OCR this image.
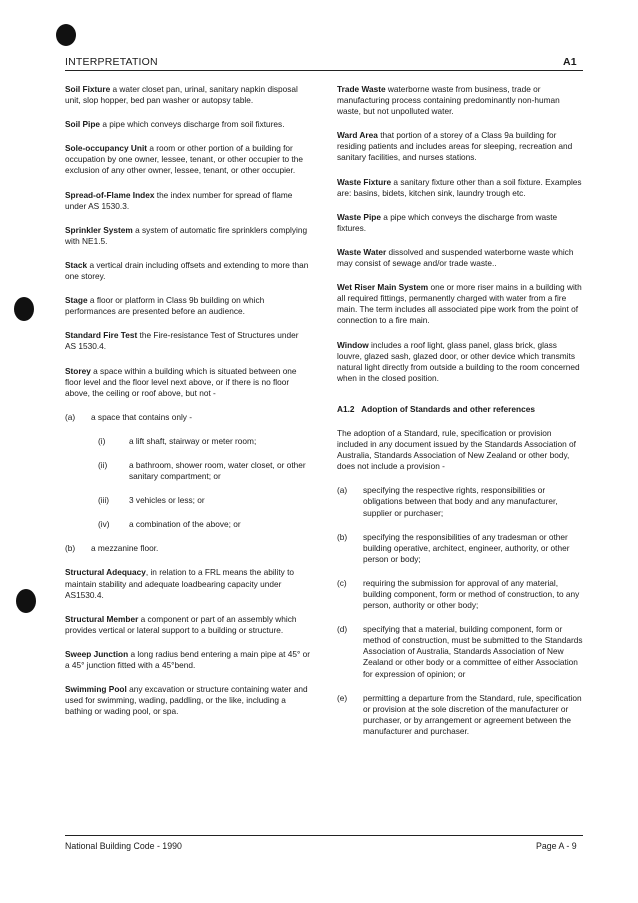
INTERPRETATION	A1
Soil Fixture a water closet pan, urinal, sanitary napkin disposal unit, slop hopper, bed pan washer or autopsy table.
Soil Pipe a pipe which conveys discharge from soil fixtures.
Sole-occupancy Unit a room or other portion of a building for occupation by one owner, lessee, tenant, or other occupier to the exclusion of any other owner, lessee, tenant, or other occupier.
Spread-of-Flame Index the index number for spread of flame under AS 1530.3.
Sprinkler System a system of automatic fire sprinklers complying with NE1.5.
Stack a vertical drain including offsets and extending to more than one storey.
Stage a floor or platform in Class 9b building on which performances are presented before an audience.
Standard Fire Test the Fire-resistance Test of Structures under AS 1530.4.
Storey a space within a building which is situated between one floor level and the floor level next above, or if there is no floor above, the ceiling or roof above, but not -
(a)	a space that contains only -
(i)	a lift shaft, stairway or meter room;
(ii)	a bathroom, shower room, water closet, or other sanitary compartment; or
(iii)	3 vehicles or less; or
(iv)	a combination of the above; or
(b)	a mezzanine floor.
Structural Adequacy, in relation to a FRL means the ability to maintain stability and adequate loadbearing capacity under AS1530.4.
Structural Member a component or part of an assembly which provides vertical or lateral support to a building or structure.
Sweep Junction a long radius bend entering a main pipe at 45° or a 45° junction fitted with a 45°bend.
Swimming Pool any excavation or structure containing water and used for swimming, wading, paddling, or the like, including a bathing or wading pool, or spa.
Trade Waste waterborne waste from business, trade or manufacturing process containing predominantly non-human waste, but not unpolluted water.
Ward Area that portion of a storey of a Class 9a building for residing patients and includes areas for sleeping, recreation and sanitary facilities, and nurses stations.
Waste Fixture a sanitary fixture other than a soil fixture. Examples are: basins, bidets, kitchen sink, laundry trough etc.
Waste Pipe a pipe which conveys the discharge from waste fixtures.
Waste Water dissolved and suspended waterborne waste which may consist of sewage and/or trade waste..
Wet Riser Main System one or more riser mains in a building with all required fittings, permanently charged with water from a fire main. The term includes all associated pipe work from the point of connection to a fire main.
Window includes a roof light, glass panel, glass brick, glass louvre, glazed sash, glazed door, or other device which transmits natural light directly from outside a building to the room concerned when in the closed position.
A1.2   Adoption of Standards and other references
The adoption of a Standard, rule, specification or provision included in any document issued by the Standards Association of Australia, Standards Association of New Zealand or other body, does not include a provision -
(a)	specifying the respective rights, responsibilities or obligations between that body and any manufacturer, supplier or purchaser;
(b)	specifying the responsibilities of any tradesman or other building operative, architect, engineer, authority, or other person or body;
(c)	requiring the submission for approval of any material, building component, form or method of construction, to any person, authority or other body;
(d)	specifying that a material, building component, form or method of construction, must be submitted to the Standards Association of Australia, Standards Association of New Zealand or other body or a committee of either Association for expression of opinion; or
(e)	permitting a departure from the Standard, rule, specification or provision at the sole discretion of the manufacturer or purchaser, or by arrangement or agreement between the manufacturer and purchaser.
National Building Code - 1990	Page A - 9
